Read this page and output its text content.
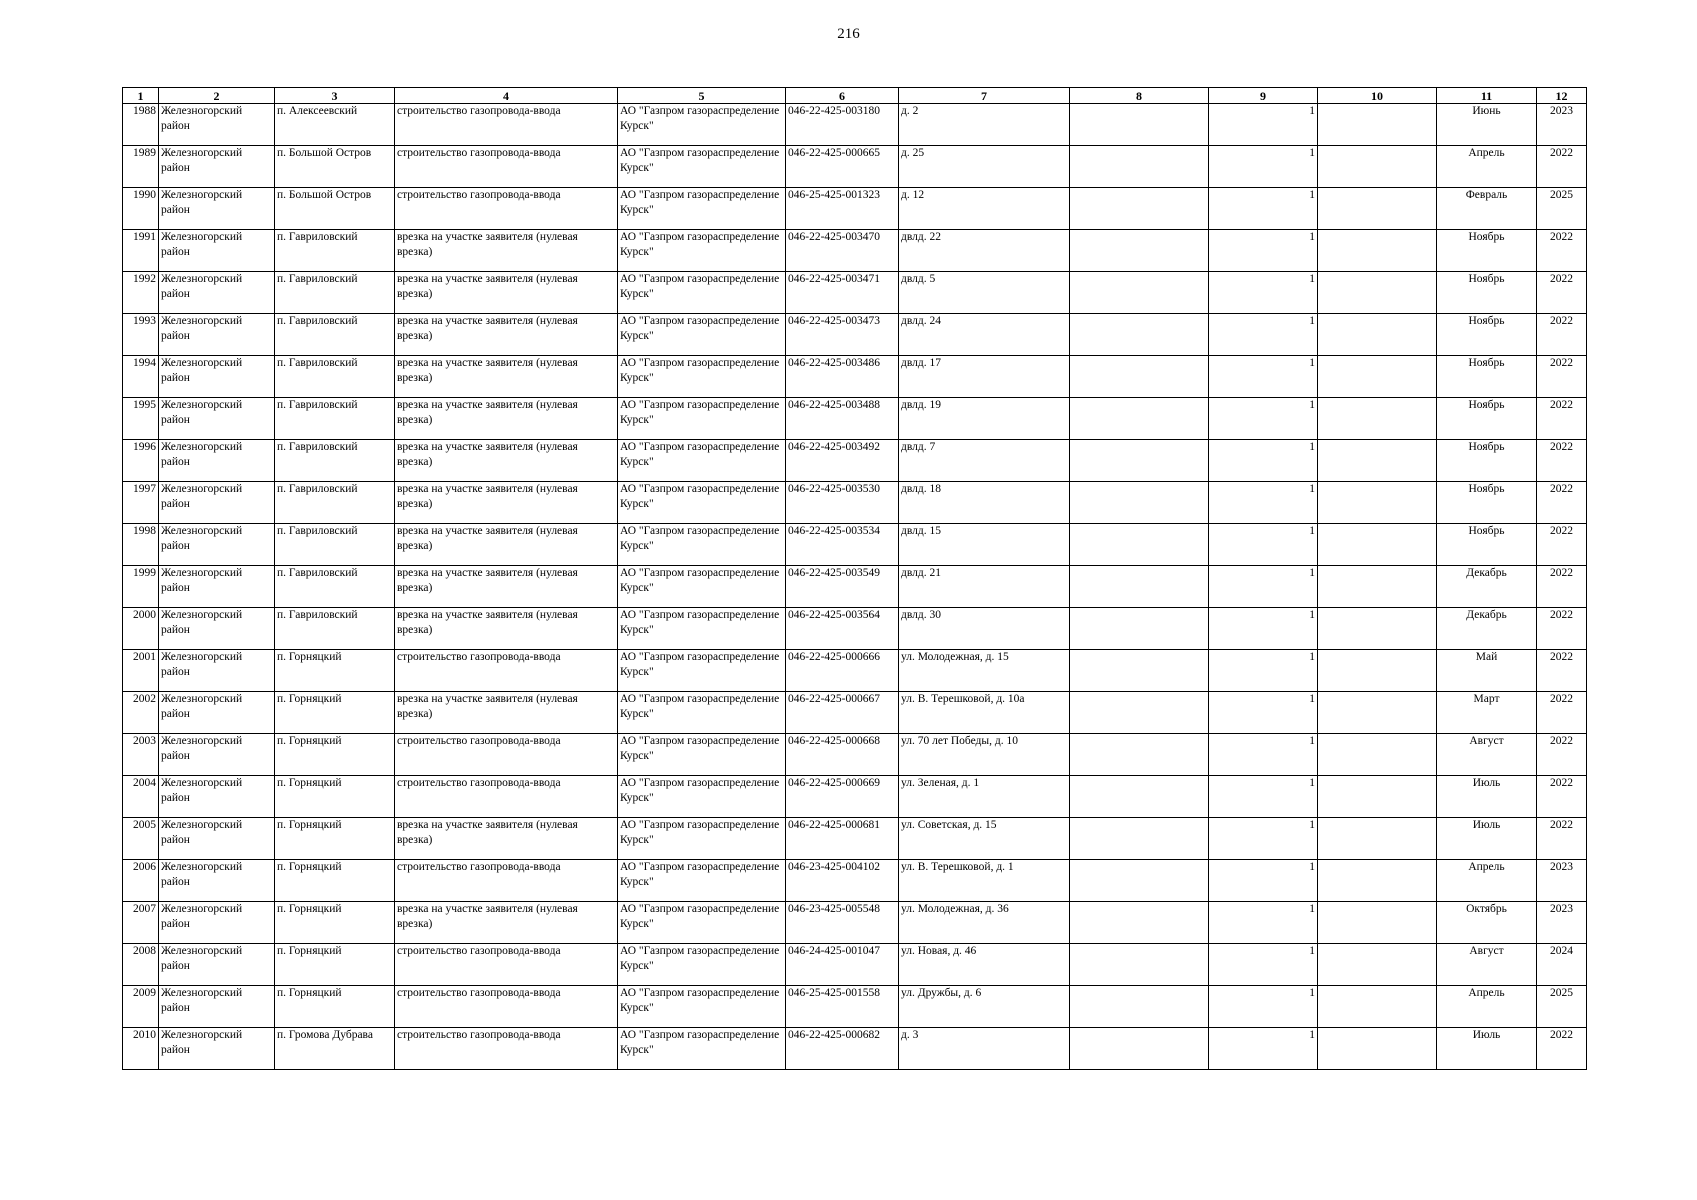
216
1	2	3	4	5	6	7	8	9	10	11	12
1988	Железногорский район	п. Алексеевский	строительство газопровода-ввода	АО "Газпром газораспределение Курск"	046-22-425-003180	д. 2		1		Июнь	2023
1989	Железногорский район	п. Большой Остров	строительство газопровода-ввода	АО "Газпром газораспределение Курск"	046-22-425-000665	д. 25		1		Апрель	2022
1990	Железногорский район	п. Большой Остров	строительство газопровода-ввода	АО "Газпром газораспределение Курск"	046-25-425-001323	д. 12		1		Февраль	2025
1991	Железногорский район	п. Гавриловский	врезка на участке заявителя (нулевая врезка)	АО "Газпром газораспределение Курск"	046-22-425-003470	двлд. 22		1		Ноябрь	2022
1992	Железногорский район	п. Гавриловский	врезка на участке заявителя (нулевая врезка)	АО "Газпром газораспределение Курск"	046-22-425-003471	двлд. 5		1		Ноябрь	2022
1993	Железногорский район	п. Гавриловский	врезка на участке заявителя (нулевая врезка)	АО "Газпром газораспределение Курск"	046-22-425-003473	двлд. 24		1		Ноябрь	2022
1994	Железногорский район	п. Гавриловский	врезка на участке заявителя (нулевая врезка)	АО "Газпром газораспределение Курск"	046-22-425-003486	двлд. 17		1		Ноябрь	2022
1995	Железногорский район	п. Гавриловский	врезка на участке заявителя (нулевая врезка)	АО "Газпром газораспределение Курск"	046-22-425-003488	двлд. 19		1		Ноябрь	2022
1996	Железногорский район	п. Гавриловский	врезка на участке заявителя (нулевая врезка)	АО "Газпром газораспределение Курск"	046-22-425-003492	двлд. 7		1		Ноябрь	2022
1997	Железногорский район	п. Гавриловский	врезка на участке заявителя (нулевая врезка)	АО "Газпром газораспределение Курск"	046-22-425-003530	двлд. 18		1		Ноябрь	2022
1998	Железногорский район	п. Гавриловский	врезка на участке заявителя (нулевая врезка)	АО "Газпром газораспределение Курск"	046-22-425-003534	двлд. 15		1		Ноябрь	2022
1999	Железногорский район	п. Гавриловский	врезка на участке заявителя (нулевая врезка)	АО "Газпром газораспределение Курск"	046-22-425-003549	двлд. 21		1		Декабрь	2022
2000	Железногорский район	п. Гавриловский	врезка на участке заявителя (нулевая врезка)	АО "Газпром газораспределение Курск"	046-22-425-003564	двлд. 30		1		Декабрь	2022
2001	Железногорский район	п. Горняцкий	строительство газопровода-ввода	АО "Газпром газораспределение Курск"	046-22-425-000666	ул. Молодежная, д. 15		1		Май	2022
2002	Железногорский район	п. Горняцкий	врезка на участке заявителя (нулевая врезка)	АО "Газпром газораспределение Курск"	046-22-425-000667	ул. В. Терешковой, д. 10а		1		Март	2022
2003	Железногорский район	п. Горняцкий	строительство газопровода-ввода	АО "Газпром газораспределение Курск"	046-22-425-000668	ул. 70 лет Победы, д. 10		1		Август	2022
2004	Железногорский район	п. Горняцкий	строительство газопровода-ввода	АО "Газпром газораспределение Курск"	046-22-425-000669	ул. Зеленая, д. 1		1		Июль	2022
2005	Железногорский район	п. Горняцкий	врезка на участке заявителя (нулевая врезка)	АО "Газпром газораспределение Курск"	046-22-425-000681	ул. Советская, д. 15		1		Июль	2022
2006	Железногорский район	п. Горняцкий	строительство газопровода-ввода	АО "Газпром газораспределение Курск"	046-23-425-004102	ул. В. Терешковой, д. 1		1		Апрель	2023
2007	Железногорский район	п. Горняцкий	врезка на участке заявителя (нулевая врезка)	АО "Газпром газораспределение Курск"	046-23-425-005548	ул. Молодежная, д. 36		1		Октябрь	2023
2008	Железногорский район	п. Горняцкий	строительство газопровода-ввода	АО "Газпром газораспределение Курск"	046-24-425-001047	ул. Новая, д. 46		1		Август	2024
2009	Железногорский район	п. Горняцкий	строительство газопровода-ввода	АО "Газпром газораспределение Курск"	046-25-425-001558	ул. Дружбы, д. 6		1		Апрель	2025
2010	Железногорский район	п. Громова Дубрава	строительство газопровода-ввода	АО "Газпром газораспределение Курск"	046-22-425-000682	д. 3		1		Июль	2022
